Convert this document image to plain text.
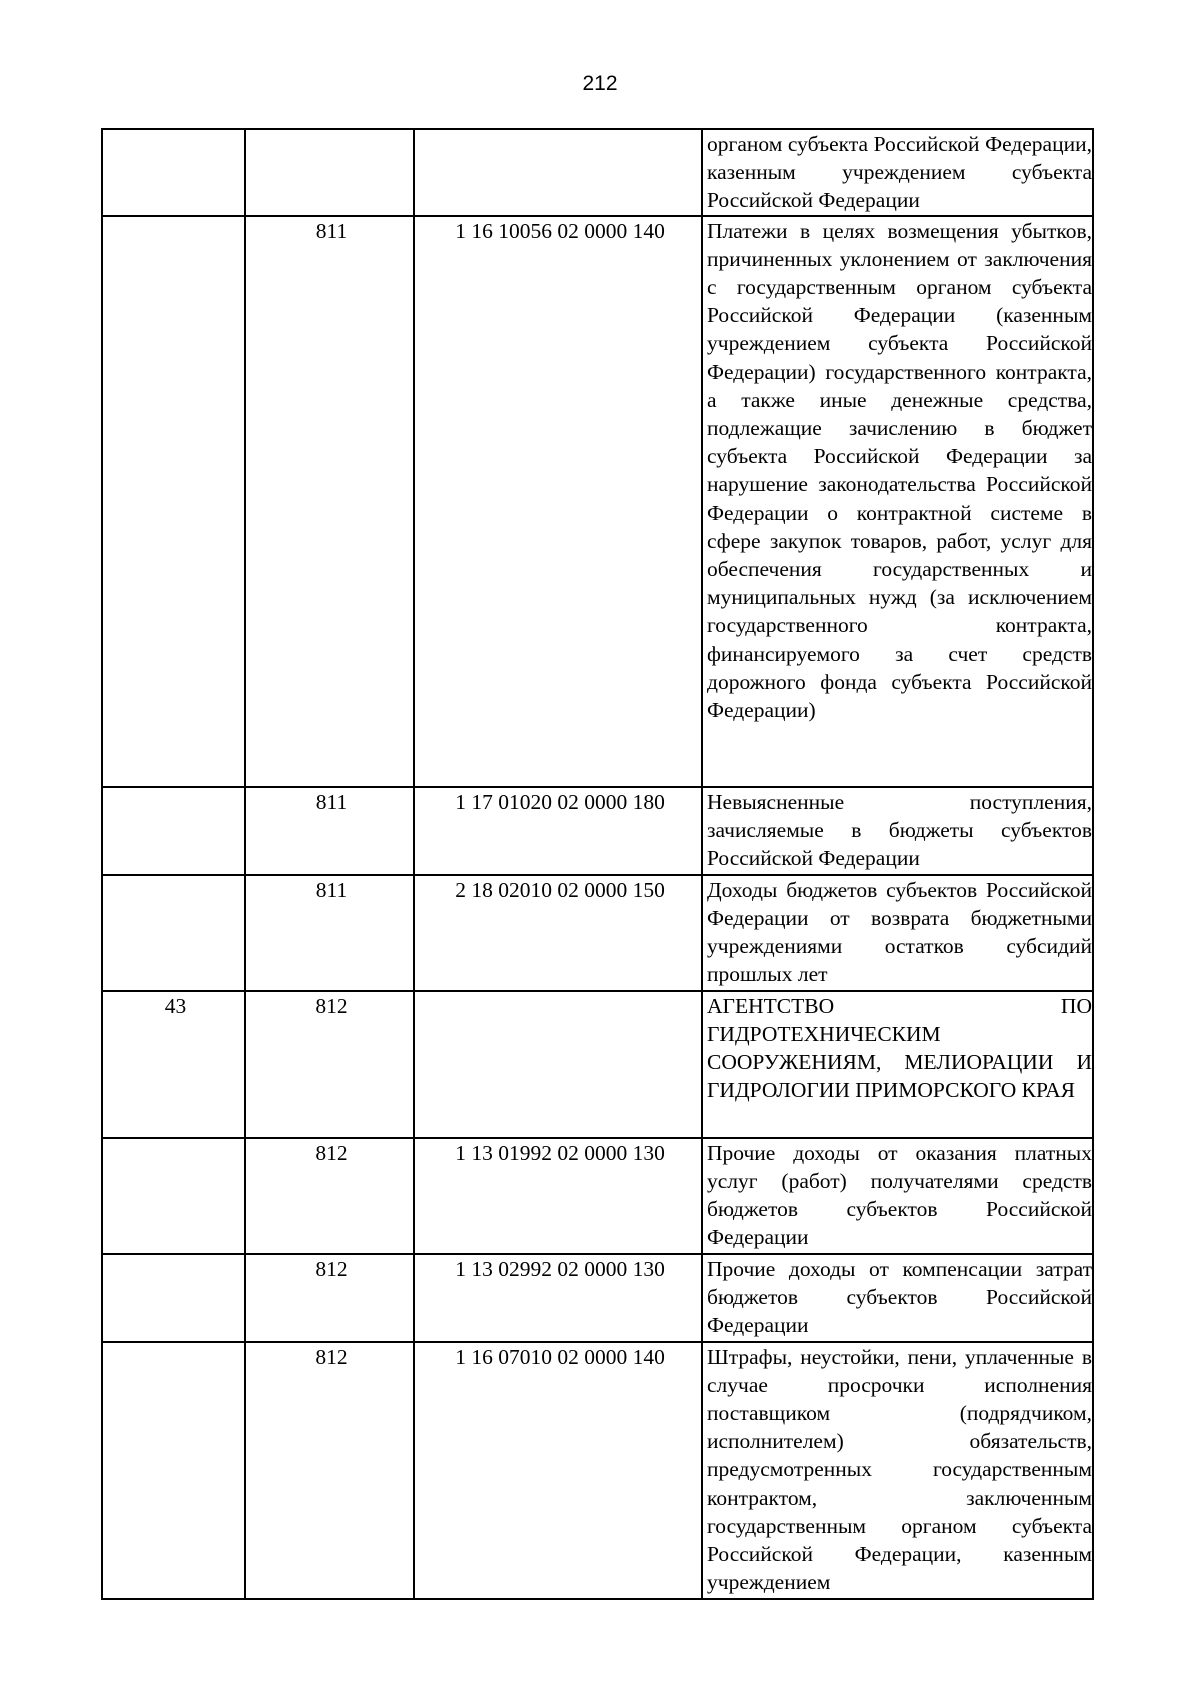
212
			органом субъекта Российской Федерации, казенным учреждением субъекта Российской Федерации
	811	1 16 10056 02 0000 140	Платежи в целях возмещения убытков, причиненных уклонением от заключения с государственным органом субъекта Российской Федерации (казенным учреждением субъекта Российской Федерации) государственного контракта, а также иные денежные средства, подлежащие зачислению в бюджет субъекта Российской Федерации за нарушение законодательства Российской Федерации о контрактной системе в сфере закупок товаров, работ, услуг для обеспечения государственных и муниципальных нужд (за исключением государственного контракта, финансируемого за счет средств дорожного фонда субъекта Российской Федерации)
	811	1 17 01020 02 0000 180	Невыясненные поступления, зачисляемые в бюджеты субъектов Российской Федерации
	811	2 18 02010 02 0000 150	Доходы бюджетов субъектов Российской Федерации от возврата бюджетными учреждениями остатков субсидий прошлых лет
43	812		АГЕНТСТВО ПО ГИДРОТЕХНИЧЕСКИМ СООРУЖЕНИЯМ, МЕЛИОРАЦИИ И ГИДРОЛОГИИ ПРИМОРСКОГО КРАЯ
	812	1 13 01992 02 0000 130	Прочие доходы от оказания платных услуг (работ) получателями средств бюджетов субъектов Российской Федерации
	812	1 13 02992 02 0000 130	Прочие доходы от компенсации затрат бюджетов субъектов Российской Федерации
	812	1 16 07010 02 0000 140	Штрафы, неустойки, пени, уплаченные в случае просрочки исполнения поставщиком (подрядчиком, исполнителем) обязательств, предусмотренных государственным контрактом, заключенным государственным органом субъекта Российской Федерации, казенным учреждением
